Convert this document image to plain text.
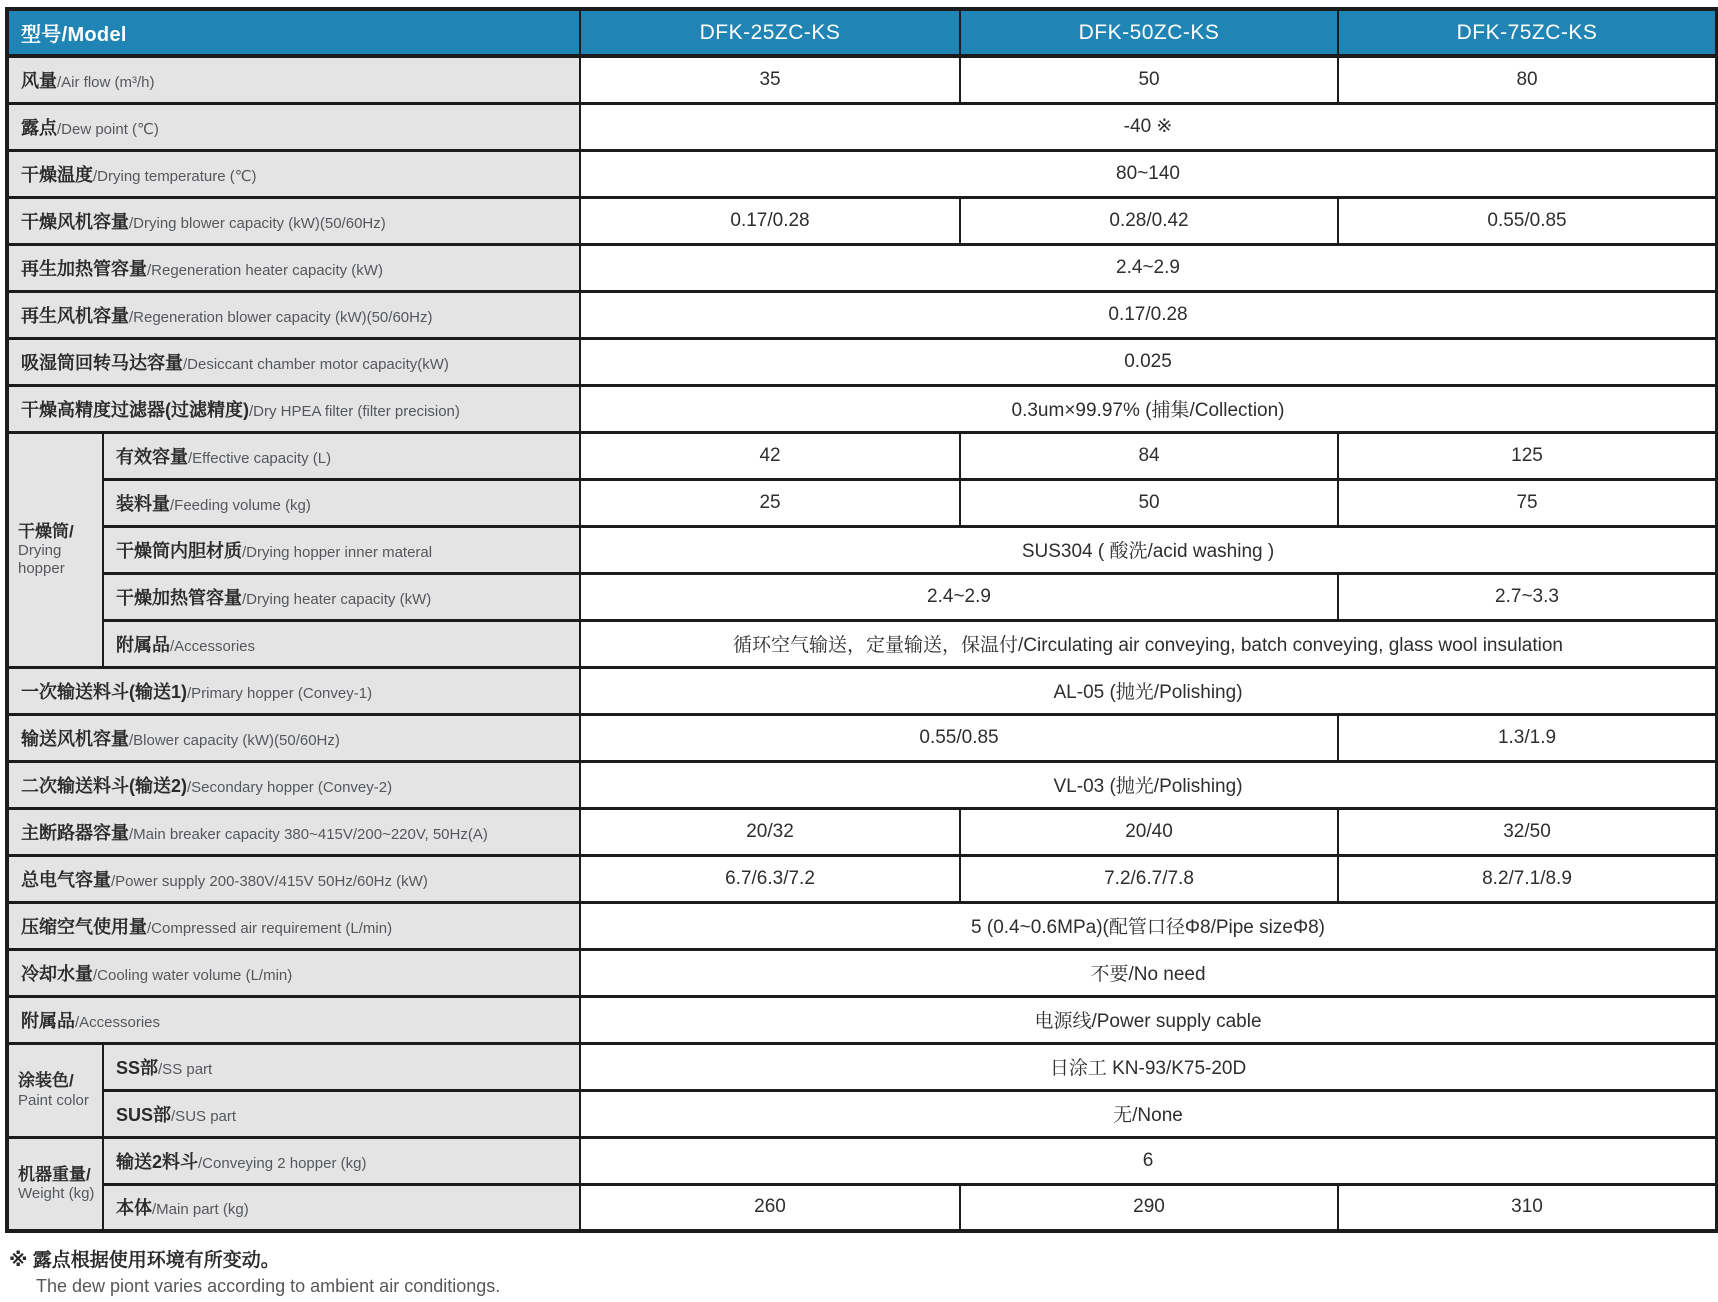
型号/Model		DFK-25ZC-KS	DFK-50ZC-KS	DFK-75ZC-KS
风量/Air flow (m³/h)		35	50	80
露点/Dew point (℃)		-40 ※		
干燥温度/Drying temperature (℃)		80~140		
干燥风机容量/Drying blower capacity (kW)(50/60Hz)		0.17/0.28	0.28/0.42	0.55/0.85
再生加热管容量/Regeneration heater capacity (kW)		2.4~2.9		
再生风机容量/Regeneration blower capacity (kW)(50/60Hz)		0.17/0.28		
吸湿筒回转马达容量/Desiccant chamber motor capacity(kW)		0.025		
干燥高精度过滤器(过滤精度)/Dry HPEA filter (filter precision)		0.3um×99.97% (捕集/Collection)		

干燥筒/
Drying hopper	有效容量/Effective capacity (L)	42	84	125
	装料量/Feeding volume (kg)	25	50	75
	干燥筒内胆材质/Drying hopper inner materal	SUS304 ( 酸洗/acid washing )		
	干燥加热管容量/Drying heater capacity (kW)	2.4~2.9		2.7~3.3
	附属品/Accessories	循环空气输送，定量输送，保温付/Circulating air conveying, batch conveying, glass wool insulation		
一次输送料斗(输送1)/Primary hopper (Convey-1)		AL-05 (抛光/Polishing)		
输送风机容量/Blower capacity (kW)(50/60Hz)		0.55/0.85		1.3/1.9
二次输送料斗(输送2)/Secondary hopper (Convey-2)		VL-03 (抛光/Polishing)		
主断路器容量/Main breaker capacity 380~415V/200~220V, 50Hz(A)		20/32	20/40	32/50
总电气容量/Power supply 200-380V/415V 50Hz/60Hz (kW)		6.7/6.3/7.2	7.2/6.7/7.8	8.2/7.1/8.9
压缩空气使用量/Compressed air requirement (L/min)		5 (0.4~0.6MPa)(配管口径Φ8/Pipe sizeΦ8)		
冷却水量/Cooling water volume (L/min)		不要/No need		
附属品/Accessories		电源线/Power supply cable		

涂装色/
Paint color	SS部/SS part	日涂工 KN-93/K75-20D		
	SUS部/SUS part	无/None		

机器重量/
Weight (kg)	输送2料斗/Conveying 2 hopper (kg)	6		
	本体/Main part (kg)	260	290	310
※ 露点根据使用环境有所变动。
The dew piont varies according to ambient air conditiongs.
